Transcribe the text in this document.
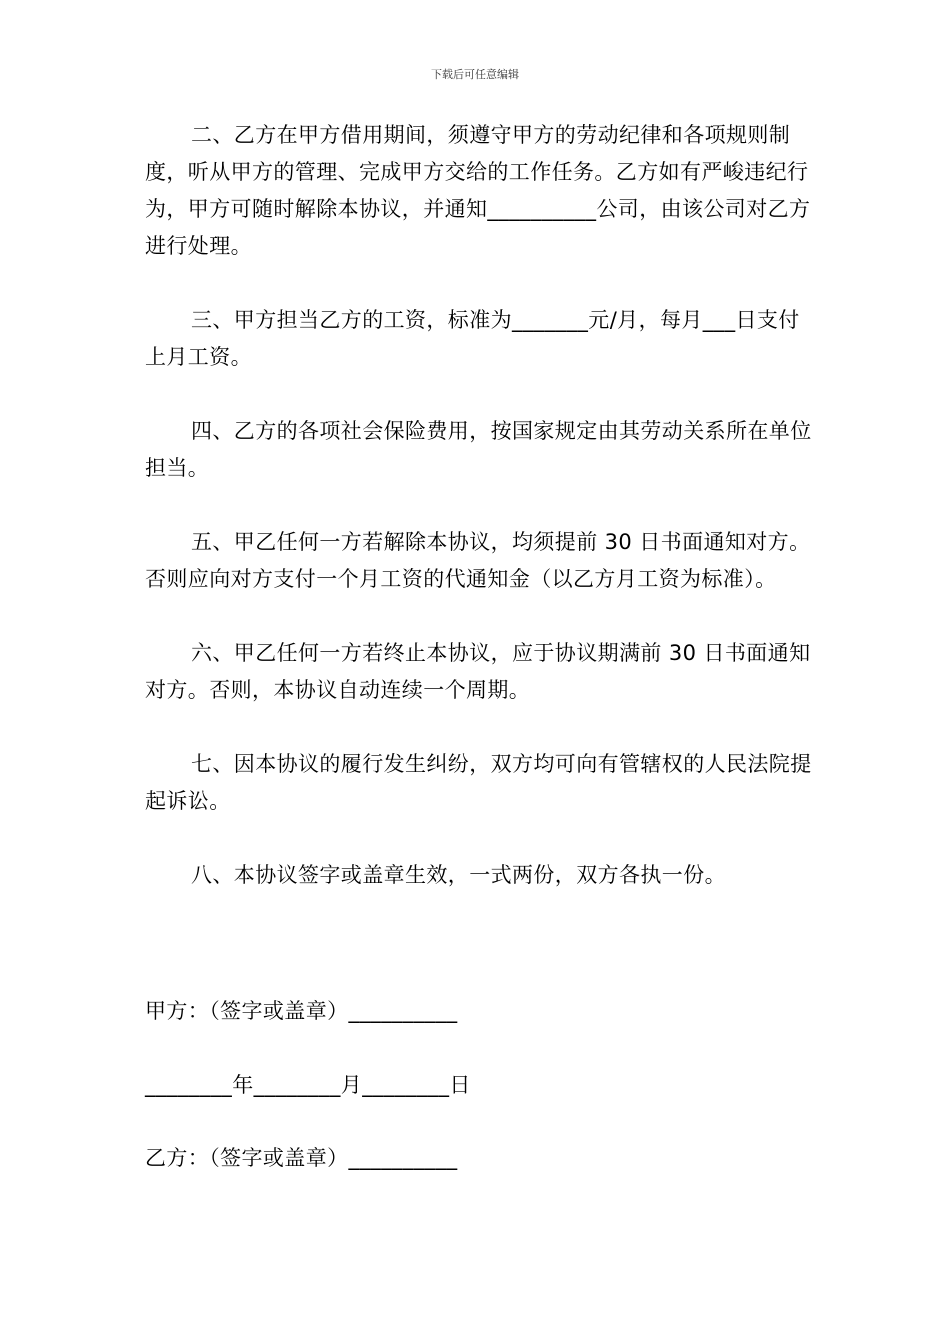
下载后可任意编辑

二、乙方在甲方借用期间，须遵守甲方的劳动纪律和各项规则制度，听从甲方的管理、完成甲方交给的工作任务。乙方如有严峻违纪行为，甲方可随时解除本协议，并通知__________公司，由该公司对乙方进行处理。

三、甲方担当乙方的工资，标准为_______元/月，每月___日支付上月工资。

四、乙方的各项社会保险费用，按国家规定由其劳动关系所在单位担当。

五、甲乙任何一方若解除本协议，均须提前 30 日书面通知对方。否则应向对方支付一个月工资的代通知金（以乙方月工资为标准）。

六、甲乙任何一方若终止本协议，应于协议期满前 30 日书面通知对方。否则，本协议自动连续一个周期。

七、因本协议的履行发生纠纷，双方均可向有管辖权的人民法院提起诉讼。

八、本协议签字或盖章生效，一式两份，双方各执一份。

甲方：（签字或盖章）__________
________年________月________日
乙方：（签字或盖章）__________
